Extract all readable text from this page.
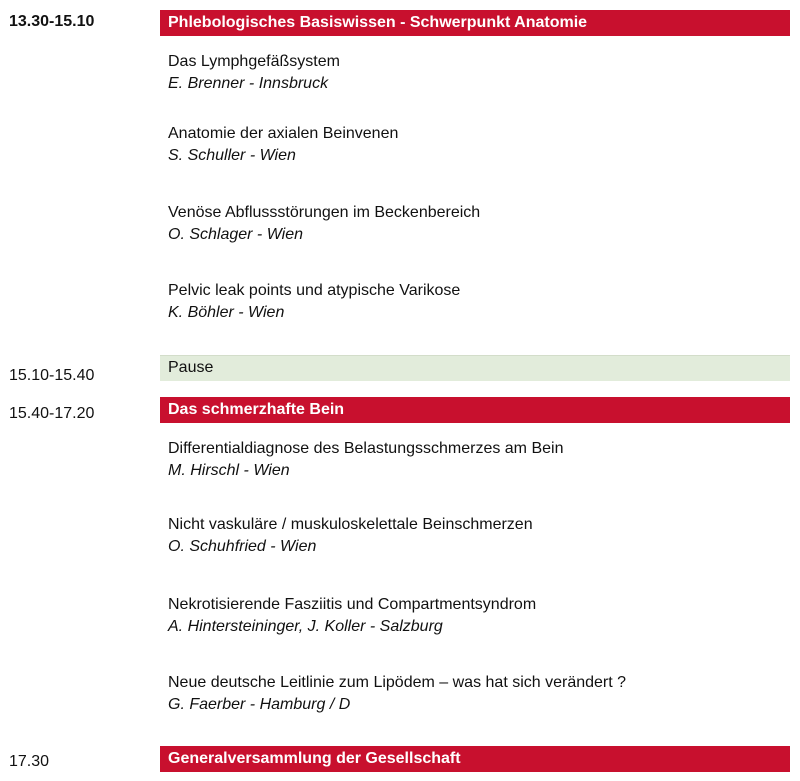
13.30-15.10	Phlebologisches Basiswissen - Schwerpunkt Anatomie
Das Lymphgefäßsystem
E. Brenner - Innsbruck
Anatomie der axialen Beinvenen
S. Schuller - Wien
Venöse Abflussstörungen im Beckenbereich
O. Schlager - Wien
Pelvic leak points und atypische Varikose
K. Böhler - Wien
15.10-15.40	Pause
15.40-17.20	Das schmerzhafte Bein
Differentialdiagnose des Belastungsschmerzes am Bein
M. Hirschl - Wien
Nicht vaskuläre / muskuloskelettale Beinschmerzen
O. Schuhfried - Wien
Nekrotisierende Fasziitis und Compartmentsyndrom
A. Hintersteininger, J. Koller - Salzburg
Neue deutsche Leitlinie zum Lipödem – was hat sich verändert ?
G. Faerber - Hamburg / D
17.30	Generalversammlung der Gesellschaft
